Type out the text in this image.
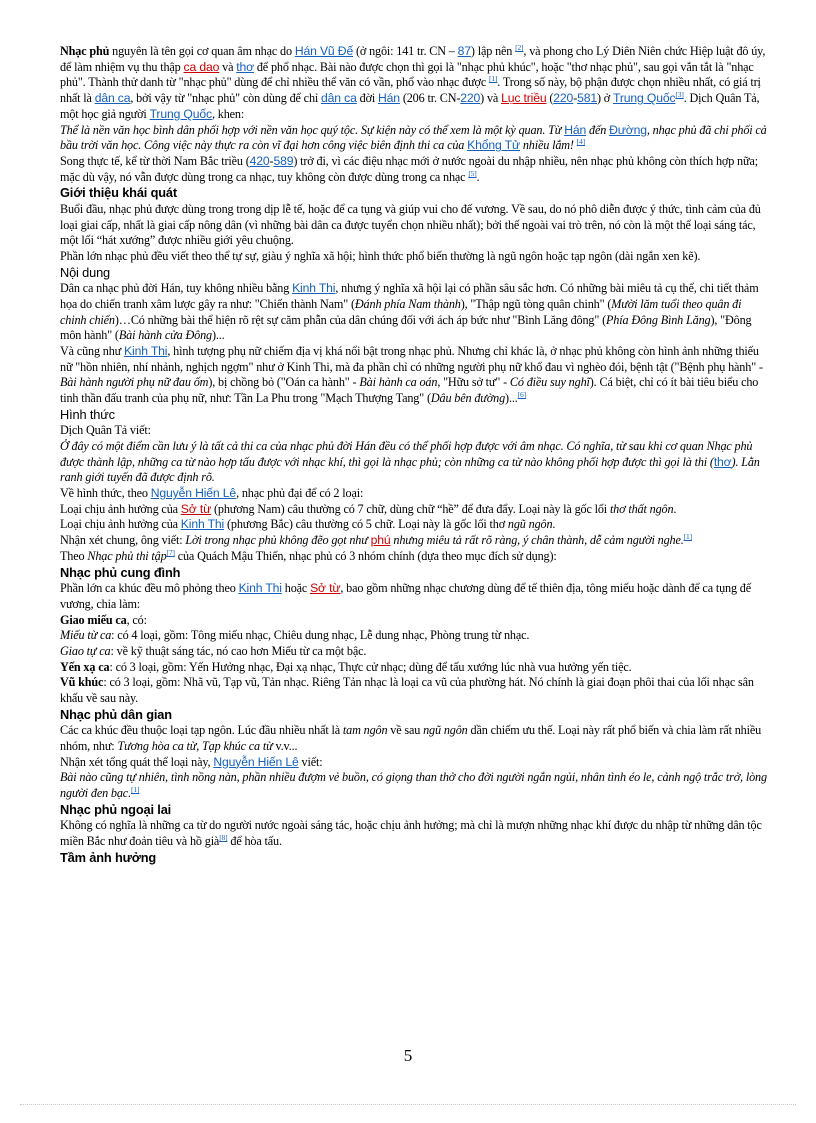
Nhạc phủ nguyên là tên gọi cơ quan âm nhạc do Hán Vũ Đế (ở ngôi: 141 tr. CN – 87) lập nên [2], và phong cho Lý Diên Niên chức Hiệp luật đô úy, để làm nhiệm vụ thu thập ca dao và thơ để phổ nhạc. Bài nào được chọn thì gọi là "nhạc phủ khúc", hoặc "thơ nhạc phủ", sau gọi vắn tắt là "nhạc phủ". Thành thử danh từ "nhạc phủ" dùng để chỉ nhiều thể văn có vần, phổ vào nhạc được [1]. Trong số này, bộ phận được chọn nhiều nhất, có giá trị nhất là dân ca, bởi vậy từ "nhạc phủ" còn dùng để chỉ dân ca đời Hán (206 tr. CN-220) và Lục triều (220-581) ở Trung Quốc[3]. Dịch Quân Tả, một học giả người Trung Quốc, khen:

Thể là nền văn học bình dân phối hợp với nền văn học quý tộc. Sự kiện này có thể xem là một kỳ quan. Từ Hán đến Đường, nhạc phủ đã chi phối cả bầu trời văn học. Công việc này thực ra còn vĩ đại hơn công việc biên định thi ca của Khổng Tử nhiều lắm! [4]

Song thực tế, kể từ thời Nam Bắc triều (420-589) trở đi, vì các điệu nhạc mới ở nước ngoài du nhập nhiều, nên nhạc phủ không còn thích hợp nữa; mặc dù vậy, nó vẫn được dùng trong ca nhạc, tuy không còn được dùng trong ca nhạc [5].

Giới thiệu khái quát

Buổi đầu, nhạc phủ được dùng trong trong dịp lễ tế, hoặc để ca tụng và giúp vui cho đế vương. Về sau, do nó phô diễn được ý thức, tình cảm của đủ loại giai cấp, nhất là giai cấp nông dân (vì những bài dân ca được tuyển chọn nhiều nhất); bởi thế ngoài vai trò trên, nó còn là một thể loại sáng tác, một lối “hát xướng” được nhiều giới yêu chuộng.

Phần lớn nhạc phủ đều viết theo thể tự sự, giàu ý nghĩa xã hội; hình thức phổ biến thường là ngũ ngôn hoặc tạp ngôn (dài ngắn xen kẽ).

Nội dung

Dân ca nhạc phủ đời Hán, tuy không nhiều bằng Kinh Thi, nhưng ý nghĩa xã hội lại có phần sâu sắc hơn. Có những bài miêu tả cụ thể, chi tiết thảm họa do chiến tranh xâm lược gây ra như: "Chiến thành Nam" (Đánh phía Nam thành), "Thập ngũ tòng quân chinh" (Mười lăm tuổi theo quân đi chinh chiến)…Có những bài thể hiện rõ rệt sự căm phẫn của dân chúng đối với ách áp bức như "Bình Lăng đông" (Phía Đông Bình Lăng), "Đông môn hành" (Bài hành cửa Đông)...

Và cũng như Kinh Thi, hình tượng phụ nữ chiếm địa vị khá nổi bật trong nhạc phủ. Nhưng chỉ khác là, ở nhạc phủ không còn hình ảnh những thiếu nữ "hồn nhiên, nhí nhảnh, nghịch ngợm" như ở Kinh Thi, mà đa phần chỉ có những người phụ nữ khổ đau vì nghèo đói, bệnh tật ("Bệnh phụ hành" - Bài hành người phụ nữ đau ốm), bị chồng bỏ ("Oán ca hành" - Bài hành ca oán, "Hữu sở tư" - Có điều suy nghĩ). Cá biệt, chỉ có ít bài tiêu biểu cho tinh thần đấu tranh của phụ nữ, như: Tần La Phu trong "Mạch Thượng Tang" (Dâu bên đường)...[6]

Hình thức

Dịch Quân Tả viết:

Ở đây có một điểm cần lưu ý là tất cả thi ca của nhạc phủ đời Hán đều có thể phối hợp được với âm nhạc. Có nghĩa, từ sau khi cơ quan Nhạc phủ được thành lập, những ca từ nào hợp tấu được với nhạc khí, thì gọi là nhạc phủ; còn những ca từ nào không phối hợp được thì gọi là thi (thơ). Lằn ranh giới tuyến đã được định rõ.

Về hình thức, theo Nguyễn Hiến Lê, nhạc phủ đại để có 2 loại:

Loại chịu ảnh hưởng của Sở từ (phương Nam) câu thường có 7 chữ, dùng chữ “hề” để đưa đẩy. Loại này là gốc lối thơ thất ngôn.

Loại chịu ảnh hưởng của Kinh Thi (phương Bắc) câu thường có 5 chữ. Loại này là gốc lối thơ ngũ ngôn.

Nhận xét chung, ông viết: Lời trong nhạc phủ không đẽo gọt như phú nhưng miêu tả rất rõ ràng, ý chân thành, dễ cảm người nghe.[1]

Theo Nhạc phủ thi tập[7] của Quách Mậu Thiến, nhạc phủ có 3 nhóm chính (dựa theo mục đích sử dụng):

Nhạc phủ cung đình

Phần lớn ca khúc đều mô phỏng theo Kinh Thi hoặc Sở từ, bao gồm những nhạc chương dùng để tế thiên địa, tông miếu hoặc dành để ca tụng đế vương, chia làm:

Giao miếu ca, có:

Miếu từ ca: có 4 loại, gồm: Tông miếu nhạc, Chiêu dung nhạc, Lễ dung nhạc, Phòng trung từ nhạc.

Giao tự ca: về kỹ thuật sáng tác, nó cao hơn Miếu từ ca một bậc.

Yến xạ ca: có 3 loại, gồm: Yến Hưởng nhạc, Đại xạ nhạc, Thực cử nhạc; dùng để tấu xướng lúc nhà vua hưởng yến tiệc.

Vũ khúc: có 3 loại, gồm: Nhã vũ, Tạp vũ, Tản nhạc. Riêng Tản nhạc là loại ca vũ của phường hát. Nó chính là giai đoạn phôi thai của lối nhạc sân khấu về sau này.

Nhạc phủ dân gian

Các ca khúc đều thuộc loại tạp ngôn. Lúc đầu nhiều nhất là tam ngôn về sau ngũ ngôn dần chiếm ưu thế. Loại này rất phổ biến và chia làm rất nhiều nhóm, như: Tương hòa ca từ, Tạp khúc ca từ v.v...

Nhận xét tổng quát thể loại này, Nguyễn Hiến Lê viết:

Bài nào cũng tự nhiên, tình nồng nàn, phần nhiều đượm vẻ buồn, có giọng than thở cho đời người ngắn ngủi, nhân tình éo le, cảnh ngộ trắc trở, lòng người đen bạc.[1]

Nhạc phủ ngoại lai

Không có nghĩa là những ca từ do người nước ngoài sáng tác, hoặc chịu ảnh hưởng; mà chỉ là mượn những nhạc khí được du nhập từ những dân tộc miền Bắc như đoản tiêu và hồ già[8] để hòa tấu.

Tầm ảnh hưởng

5
